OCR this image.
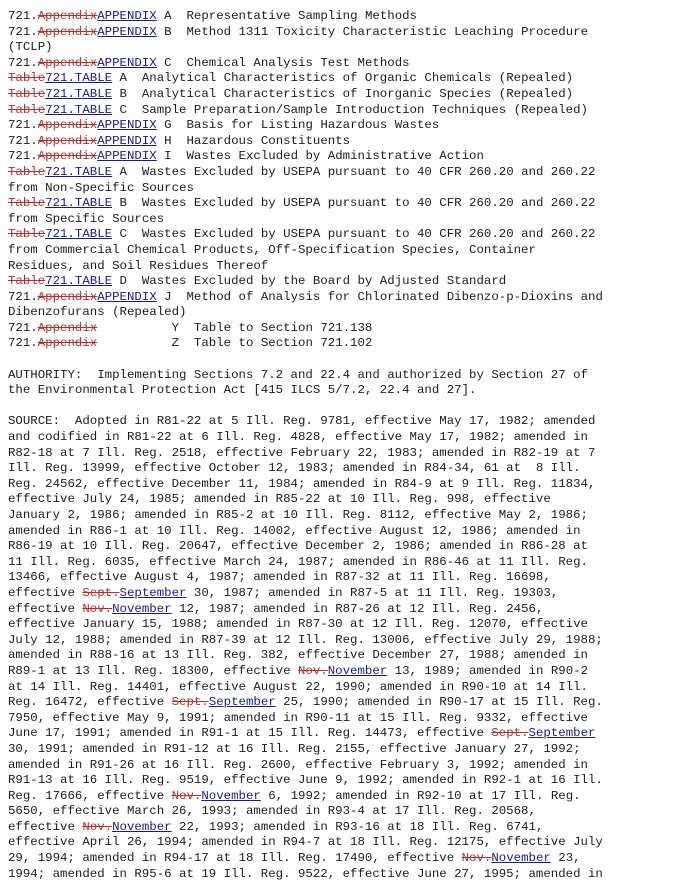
721.AppendixAPPENDIX A  Representative Sampling Methods
721.AppendixAPPENDIX B  Method 1311 Toxicity Characteristic Leaching Procedure
(TCLP)
721.AppendixAPPENDIX C  Chemical Analysis Test Methods
Table721.TABLE A  Analytical Characteristics of Organic Chemicals (Repealed)
Table721.TABLE B  Analytical Characteristics of Inorganic Species (Repealed)
Table721.TABLE C  Sample Preparation/Sample Introduction Techniques (Repealed)
721.AppendixAPPENDIX G  Basis for Listing Hazardous Wastes
721.AppendixAPPENDIX H  Hazardous Constituents
721.AppendixAPPENDIX I  Wastes Excluded by Administrative Action
Table721.TABLE A  Wastes Excluded by USEPA pursuant to 40 CFR 260.20 and 260.22
from Non-Specific Sources
Table721.TABLE B  Wastes Excluded by USEPA pursuant to 40 CFR 260.20 and 260.22
from Specific Sources
Table721.TABLE C  Wastes Excluded by USEPA pursuant to 40 CFR 260.20 and 260.22
from Commercial Chemical Products, Off-Specification Species, Container
Residues, and Soil Residues Thereof
Table721.TABLE D  Wastes Excluded by the Board by Adjusted Standard
721.AppendixAPPENDIX J  Method of Analysis for Chlorinated Dibenzo-p-Dioxins and
Dibenzofurans (Repealed)
721.Appendix          Y  Table to Section 721.138
721.Appendix          Z  Table to Section 721.102
AUTHORITY:  Implementing Sections 7.2 and 22.4 and authorized by Section 27 of
the Environmental Protection Act [415 ILCS 5/7.2, 22.4 and 27].
SOURCE:  Adopted in R81-22 at 5 Ill. Reg. 9781, effective May 17, 1982; amended
and codified in R81-22 at 6 Ill. Reg. 4828, effective May 17, 1982; amended in
R82-18 at 7 Ill. Reg. 2518, effective February 22, 1983; amended in R82-19 at 7
Ill. Reg. 13999, effective October 12, 1983; amended in R84-34, 61 at  8 Ill.
Reg. 24562, effective December 11, 1984; amended in R84-9 at 9 Ill. Reg. 11834,
effective July 24, 1985; amended in R85-22 at 10 Ill. Reg. 998, effective
January 2, 1986; amended in R85-2 at 10 Ill. Reg. 8112, effective May 2, 1986;
amended in R86-1 at 10 Ill. Reg. 14002, effective August 12, 1986; amended in
R86-19 at 10 Ill. Reg. 20647, effective December 2, 1986; amended in R86-28 at
11 Ill. Reg. 6035, effective March 24, 1987; amended in R86-46 at 11 Ill. Reg.
13466, effective August 4, 1987; amended in R87-32 at 11 Ill. Reg. 16698,
effective Sept.September 30, 1987; amended in R87-5 at 11 Ill. Reg. 19303,
effective Nov.November 12, 1987; amended in R87-26 at 12 Ill. Reg. 2456,
effective January 15, 1988; amended in R87-30 at 12 Ill. Reg. 12070, effective
July 12, 1988; amended in R87-39 at 12 Ill. Reg. 13006, effective July 29, 1988;
amended in R88-16 at 13 Ill. Reg. 382, effective December 27, 1988; amended in
R89-1 at 13 Ill. Reg. 18300, effective Nov.November 13, 1989; amended in R90-2
at 14 Ill. Reg. 14401, effective August 22, 1990; amended in R90-10 at 14 Ill.
Reg. 16472, effective Sept.September 25, 1990; amended in R90-17 at 15 Ill. Reg.
7950, effective May 9, 1991; amended in R90-11 at 15 Ill. Reg. 9332, effective
June 17, 1991; amended in R91-1 at 15 Ill. Reg. 14473, effective Sept.September
30, 1991; amended in R91-12 at 16 Ill. Reg. 2155, effective January 27, 1992;
amended in R91-26 at 16 Ill. Reg. 2600, effective February 3, 1992; amended in
R91-13 at 16 Ill. Reg. 9519, effective June 9, 1992; amended in R92-1 at 16 Ill.
Reg. 17666, effective Nov.November 6, 1992; amended in R92-10 at 17 Ill. Reg.
5650, effective March 26, 1993; amended in R93-4 at 17 Ill. Reg. 20568,
effective Nov.November 22, 1993; amended in R93-16 at 18 Ill. Reg. 6741,
effective April 26, 1994; amended in R94-7 at 18 Ill. Reg. 12175, effective July
29, 1994; amended in R94-17 at 18 Ill. Reg. 17490, effective Nov.November 23,
1994; amended in R95-6 at 19 Ill. Reg. 9522, effective June 27, 1995; amended in
